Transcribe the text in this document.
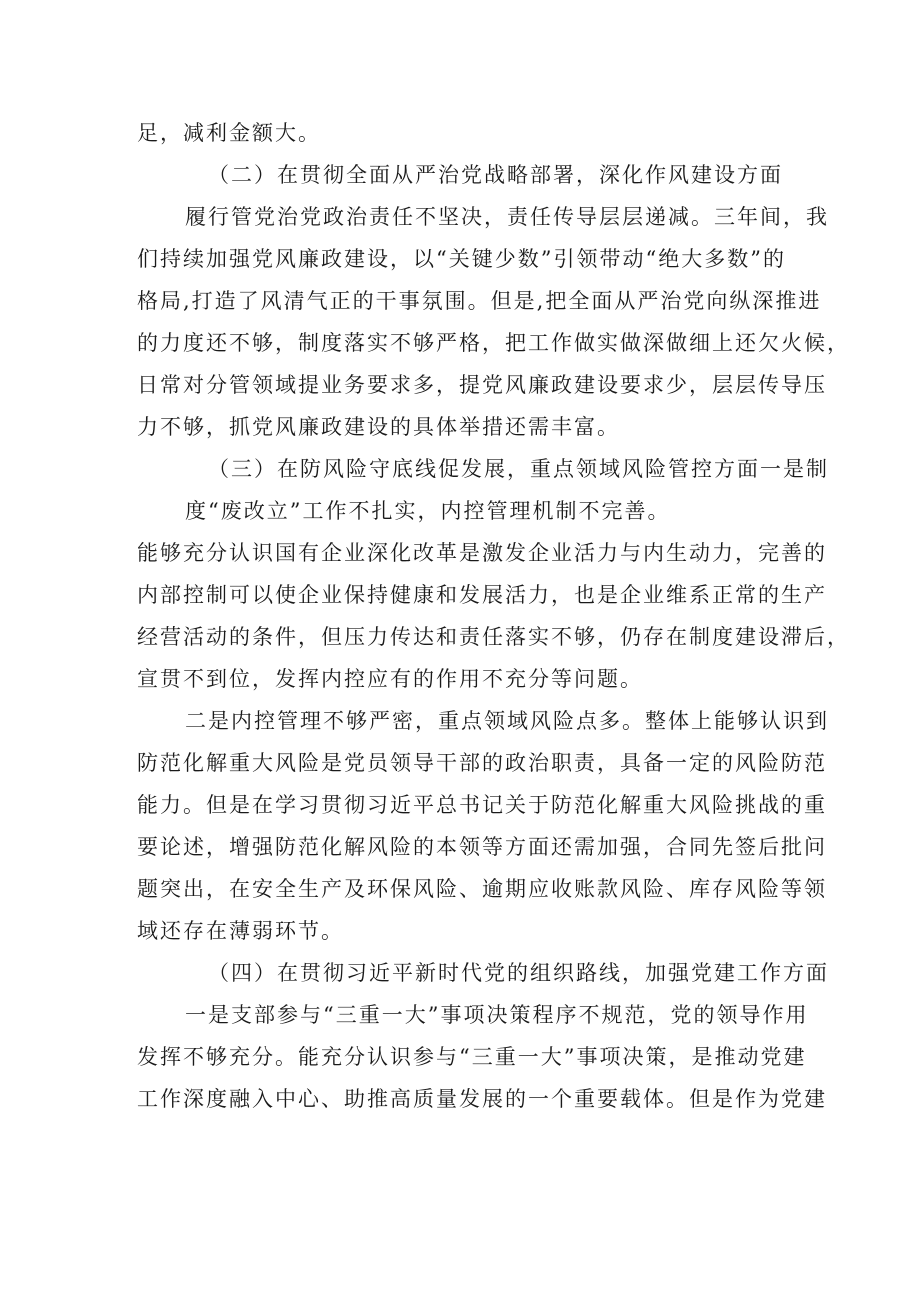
足，减利金额大。
（二）在贯彻全面从严治党战略部署，深化作风建设方面
履行管党治党政治责任不坚决，责任传导层层递减。三年间，我
们持续加强党风廉政建设，以“关键少数”引领带动“绝大多数”的
格局,打造了风清气正的干事氛围。但是,把全面从严治党向纵深推进
的力度还不够，制度落实不够严格，把工作做实做深做细上还欠火候，
日常对分管领域提业务要求多，提党风廉政建设要求少，层层传导压
力不够，抓党风廉政建设的具体举措还需丰富。
（三）在防风险守底线促发展，重点领域风险管控方面一是制
度“废改立”工作不扎实，内控管理机制不完善。
能够充分认识国有企业深化改革是激发企业活力与内生动力，完善的
内部控制可以使企业保持健康和发展活力，也是企业维系正常的生产
经营活动的条件，但压力传达和责任落实不够，仍存在制度建设滞后，
宣贯不到位，发挥内控应有的作用不充分等问题。
二是内控管理不够严密，重点领域风险点多。整体上能够认识到
防范化解重大风险是党员领导干部的政治职责，具备一定的风险防范
能力。但是在学习贯彻习近平总书记关于防范化解重大风险挑战的重
要论述，增强防范化解风险的本领等方面还需加强，合同先签后批问
题突出，在安全生产及环保风险、逾期应收账款风险、库存风险等领
域还存在薄弱环节。
（四）在贯彻习近平新时代党的组织路线，加强党建工作方面
一是支部参与“三重一大”事项决策程序不规范，党的领导作用
发挥不够充分。能充分认识参与“三重一大”事项决策，是推动党建
工作深度融入中心、助推高质量发展的一个重要载体。但是作为党建
